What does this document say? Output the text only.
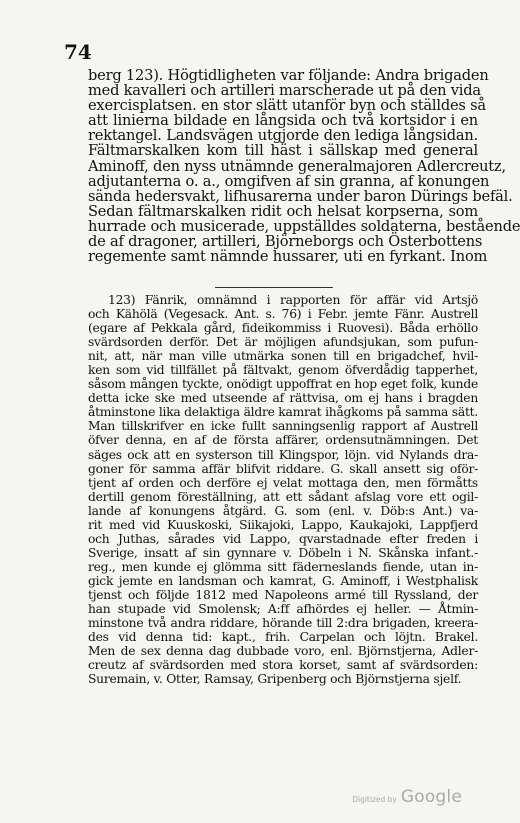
74
berg 123). Högtidligheten var följande: Andra brigaden
med kavalleri och artilleri marscherade ut på den vida
exercisplatsen. en stor slätt utanför byn och ställdes så
att linierna bildade en långsida och två kortsidor i en
rektangel. Landsvägen utgjorde den lediga långsidan.
Fältmarskalken kom till häst i sällskap med general
Aminoff, den nyss utnämnde generalmajoren Adlercreutz,
adjutanterna o. a., omgifven af sin granna, af konungen
sända hedersvakt, lifhusarerna under baron Dürings befäl.
Sedan fältmarskalken ridit och helsat korpserna, som
hurrade och musicerade, uppställdes soldaterna, bestående
de af dragoner, artilleri, Björneborgs och Österbottens
regemente samt nämnde hussarer, uti en fyrkant. Inom
123) Fänrik, omnämnd i rapporten för affär vid Artsjö
och Kähölä (Vegesack. Ant. s. 76) i Febr. jemte Fänr. Austrell
(egare af Pekkala gård, fideikommiss i Ruovesi). Båda erhöllo
svärdsorden derför. Det är möjligen afundsjukan, som pufun-
nit, att, när man ville utmärka sonen till en brigadchef, hvil-
ken som vid tillfället på fältvakt, genom öfverdådig tapperhet,
såsom mången tyckte, onödigt uppoffrat en hop eget folk, kunde
detta icke ske med utseende af rättvisa, om ej hans i bragden
åtminstone lika delaktiga äldre kamrat ihågkoms på samma sätt.
Man tillskrifver en icke fullt sanningsenlig rapport af Austrell
öfver denna, en af de första affärer, ordensutnämningen. Det
säges ock att en systerson till Klingspor, löjn. vid Nylands dra-
goner för samma affär blifvit riddare. G. skall ansett sig oför-
tjent af orden och derföre ej velat mottaga den, men förmåtts
dertill genom föreställning, att ett sådant afslag vore ett ogil-
lande af konungens åtgärd. G. som (enl. v. Döb:s Ant.) va-
rit med vid Kuuskoski, Siikajoki, Lappo, Kaukajoki, Lappfjerd
och Juthas, sårades vid Lappo, qvarstadnade efter freden i
Sverige, insatt af sin gynnare v. Döbeln i N. Skånska infant.-
reg., men kunde ej glömma sitt fäderneslands fiende, utan in-
gick jemte en landsman och kamrat, G. Aminoff, i Westphalisk
tjenst och följde 1812 med Napoleons armé till Ryssland, der
han stupade vid Smolensk; A:ff afhördes ej heller. — Åtmin-
minstone två andra riddare, hörande till 2:dra brigaden, kreera-
des vid denna tid: kapt., frih. Carpelan och löjtn. Brakel.
Men de sex denna dag dubbade voro, enl. Björnstjerna, Adler-
creutz af svärdsorden med stora korset, samt af svärdsorden:
Suremain, v. Otter, Ramsay, Gripenberg och Björnstjerna sjelf.
Digitized by Google
